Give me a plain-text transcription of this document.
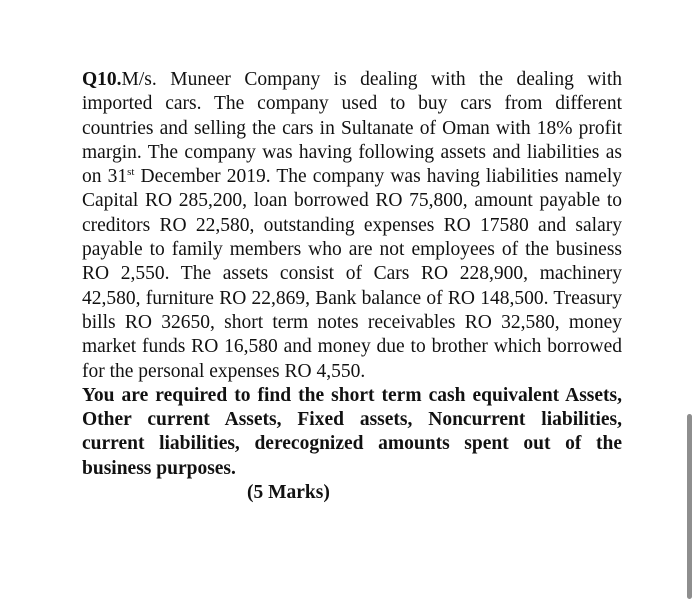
Q10.M/s. Muneer Company is dealing with the dealing with imported cars. The company used to buy cars from different countries and selling the cars in Sultanate of Oman with 18% profit margin. The company was having following assets and liabilities as on 31st December 2019. The company was having liabilities namely Capital RO 285,200, loan borrowed RO 75,800, amount payable to creditors RO 22,580, outstanding expenses RO 17580 and salary payable to family members who are not employees of the business RO 2,550. The assets consist of Cars RO 228,900, machinery 42,580, furniture RO 22,869, Bank balance of RO 148,500. Treasury bills RO 32650, short term notes receivables RO 32,580, money market funds RO 16,580 and money due to brother which borrowed for the personal expenses RO 4,550.

You are required to find the short term cash equivalent Assets, Other current Assets, Fixed assets, Noncurrent liabilities, current liabilities, derecognized amounts spent out of the business purposes.

(5 Marks)
